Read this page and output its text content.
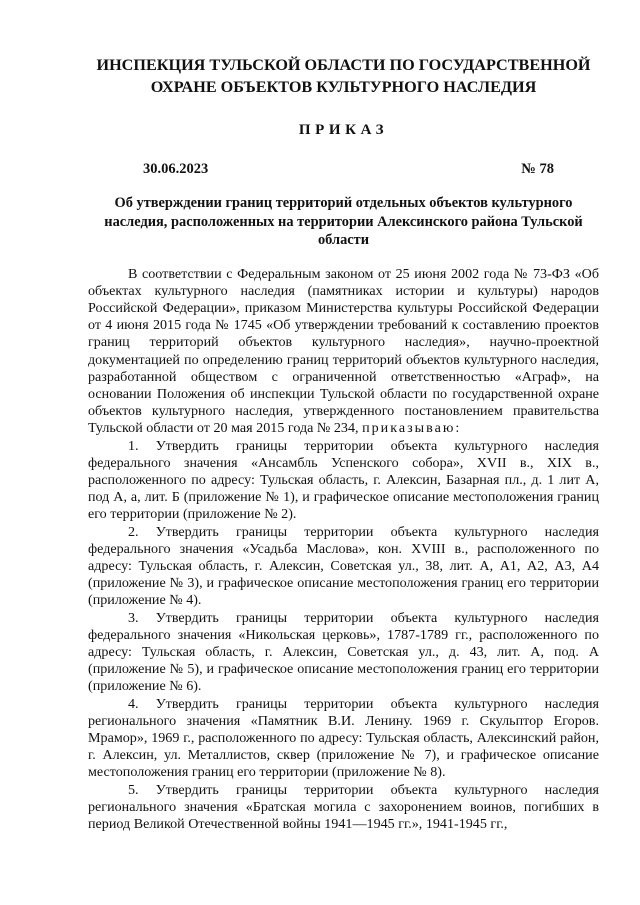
ИНСПЕКЦИЯ ТУЛЬСКОЙ ОБЛАСТИ ПО ГОСУДАРСТВЕННОЙ
ОХРАНЕ ОБЪЕКТОВ КУЛЬТУРНОГО НАСЛЕДИЯ
ПРИКАЗ
30.06.2023	№ 78
Об утверждении границ территорий отдельных объектов культурного наследия, расположенных на территории Алексинского района Тульской области

В соответствии с Федеральным законом от 25 июня 2002 года № 73-ФЗ «Об объектах культурного наследия (памятниках истории и культуры) народов Российской Федерации», приказом Министерства культуры Российской Федерации от 4 июня 2015 года № 1745 «Об утверждении требований к составлению проектов границ территорий объектов культурного наследия», научно-проектной документацией по определению границ территорий объектов культурного наследия, разработанной обществом с ограниченной ответственностью «Аграф», на основании Положения об инспекции Тульской области по государственной охране объектов культурного наследия, утвержденного постановлением правительства Тульской области от 20 мая 2015 года № 234, приказываю:

1. Утвердить границы территории объекта культурного наследия федерального значения «Ансамбль Успенского собора», XVII в., XIX в., расположенного по адресу: Тульская область, г. Алексин, Базарная пл., д. 1 лит А, под А, а, лит. Б (приложение № 1), и графическое описание местоположения границ его территории (приложение № 2).

2. Утвердить границы территории объекта культурного наследия федерального значения «Усадьба Маслова», кон. XVIII в., расположенного по адресу: Тульская область, г. Алексин, Советская ул., 38, лит. А, А1, А2, А3, А4 (приложение № 3), и графическое описание местоположения границ его территории (приложение № 4).

3. Утвердить границы территории объекта культурного наследия федерального значения «Никольская церковь», 1787-1789 гг., расположенного по адресу: Тульская область, г. Алексин, Советская ул., д. 43, лит. А, под. А (приложение № 5), и графическое описание местоположения границ его территории (приложение № 6).

4. Утвердить границы территории объекта культурного наследия регионального значения «Памятник В.И. Ленину. 1969 г. Скульптор Егоров. Мрамор», 1969 г., расположенного по адресу: Тульская область, Алексинский район, г. Алексин, ул. Металлистов, сквер (приложение № 7), и графическое описание местоположения границ его территории (приложение № 8).

5. Утвердить границы территории объекта культурного наследия регионального значения «Братская могила с захоронением воинов, погибших в период Великой Отечественной войны 1941—1945 гг.», 1941-1945 гг.,
